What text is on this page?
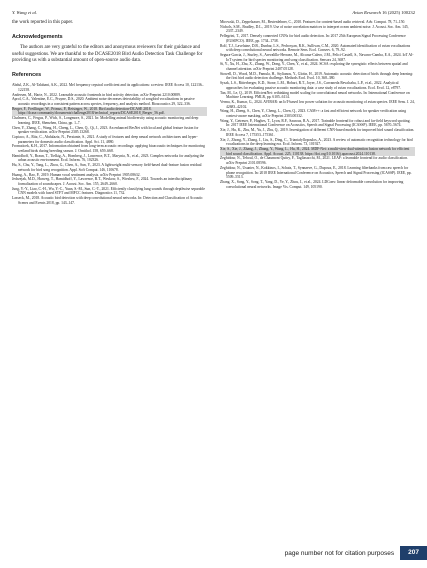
Y. Wang et al.	Avian Research 16 (2025) 100232

the work reported in this paper.

Acknowledgements

The authors are very grateful to the editors and anonymous reviewers for their guidance and useful suggestions. We are thankful to the DCASE2018 Bird Audio Detection Task Challenge for providing us with a substantial amount of open-source audio data.

References

Abdul, Z.K., Al-Talabani, A.K., 2022. Mel frequency cepstral coefficient and its applications: a review. IEEE Access 10, 122136–122158.
Andersen, M., Harte, N., 2022. Learnable acoustic frontends in bird activity detection. arXiv Preprint 2210.00889.
Aprol, C.A., Valentine, E.C., Pruyne, D.S., 2020. Ambient noise decreases detectability of songbird vocalizations in passive acoustic recordings in a consistent pattern across species, frequency, and analysis method. Bioacoustics 29, 322–336.
Berger, F., Freillinger, W., Primus, P., Reisinger, W., 2018. Bird audio detection-DCASE 2018. https://dcase.community/documents/challenge2018/technical_reports/DCASE2018_Berger_56.pdf.
Chalmers, C., Fergus, P., Wich, S., Longmore, S., 2021. In: Modelling animal biodiversity using acoustic monitoring and deep learning. IEEE, Shenzhen, China, pp. 1–7.
Chen, Y., Zhang, C., Wang, H., Cheng, L., Chen, Q., Qi, J., 2023. An enhanced ResNet with local and global feature fusion for speaker verification. arXiv Preprint 2305.13268.
Copiaco, A., Ritz, C., Abdulaziz, N., Persiante, S., 2021. A study of features and deep neural network architectures and hyper-parameters for domestic audio classification. Appl. Sci. 11, 4880.
Fromaticek, K.H., 2017. Information obtained from long-term acoustic recordings: applying bioacoustic techniques for monitoring wetland birds during breeding season. J. Ornithol. 158, 659–668.
Hamidhoff, Y., Braun, T., Tielkig, A., Homberg, J., Lawrence, B.T., Marynia, N., et al., 2023. Complex networks for analyzing the urban acoustic environment. Ecol. Inform. 76, 102326.
Hu, S., Chu, Y., Tang, L., Zhou, G., Chen, A., Sun, Y., 2023. A lightweight multi-sensory field-based dual-feature fusion residual network for bird song recognition. Appl. Soft Comput. 146, 110678.
Huang, A., Bao, P., 2019. Human vocal sentiment analysis. arXiv Preprint 1905.08632.
Jedrzejak, M.D., Harweg, T., Hamidhoff, Y., Lawrence, B.T., Weskow, S., Wiesheu, F., 2024. Towards an interdisciplinary formalization of soundscapes. J. Acoust. Soc. Am. 155, 2649–2660.
Jung, Y.-Y., Liao, C.-H., Wu, Y.-C., Yuan, S.-M., Sun, C.-T., 2021. Efficiently classifying lung sounds through depthwise separable CNN models with fused STFT and MFCC features. Diagnostics 11, 732.
Lasseck, M., 2018. Acoustic bird detection with deep convolutional neural networks. In: Detection and Classification of Acoustic Scenes and Events 2018, pp. 143–147.
Mirowski, D., Zeppelzauer, M., Bestenlehner, C., 2010. Features for content-based audio retrieval. Adv. Comput. 78, 71–150.
Nichols, S.M., Bradley, D.L., 2019. Use of noise correlation matrices to interpret ocean ambient noise. J. Acoust. Soc. Am. 145, 2337–2349.
Pellegrini, T., 2017. Densely connected CNNs for bird audio detection. In: 2017 25th European Signal Processing Conference (EUSIPCO). IEEE, pp. 1734–1738.
Rolf, T.J., Lavelaine, D.B., Dunbar, L.S., Pedrosyan, R.K., Sullivan, C.M., 2020. Automated identification of avian vocalizations with deep convolutional neural networks. Remote Sens. Ecol. Conserv. 6, 79–92.
Segura-Garcia, J., Sturley, S., Arevalillo-Herraez, M., Alcaraz-Calero, J.M., Felici-Castell, S., Navarro-Camba, E.A., 2024. IoT AI-IoT system for bird species monitoring and song classification. Sensors 24, 3687.
Si, Y., Xu, H., Zhu, X., Zhang, W., Dong, Y., Chen, Y., et al., 2024. SCSA: exploring the synergistic effects between spatial and channel attention. arXiv Preprint 2407.05128.
Stowell, D., Wood, M.D., Pamula, H., Stylianou, Y., Glotin, H., 2019. Automatic acoustic detection of birds through deep learning: the first bird audio detection challenge. Methods Ecol. Evol. 10, 368–380.
Sysak, L.S., Ritterberger, K.D., Stone, L.M., Hobart, R.T., Joyer, J.S., Carvaneda Revalcaba, L.P., et al., 2022. Analytical approaches for evaluating passive acoustic monitoring data: a case study of avian vocalizations. Ecol. Evol. 12, e8797.
Tan, M., Le, Q., 2019. EfficientNet: rethinking model scaling for convolutional neural networks. In: International Conference on Machine Learning. PMLR, pp. 6105–6114.
Verma, K., Kumar, G., 2024. AVIBAR: an IoT-based low power solution for acoustic monitoring of avian species. IEEE Sens. J. 24, 42683–42102.
Wang, H., Zheng, S., Chen, Y., Cheng, L., Chen, Q., 2023. CAM++: a fast and efficient network for speaker verification using context-aware masking. arXiv Preprint 2303.00332.
Wang, Y., Getreuer, P., Hughes, T., Lyon, R.F., Saurous, R.A., 2017. Trainable frontend for robust and far-field keyword spotting. In: 2017 IEEE International Conference on Acoustics, Speech and Signal Processing (ICASSP). IEEE, pp. 5670–5674.
Xie, J., Hu, K., Zhu, M., Yu, J., Zhu, Q., 2019. Investigation of different CNN-based models for improved bird sound classification. IEEE Access 7, 175353–175361.
Xie, J., Zhong, Y., Zhang, J., Liu, S., Ding, C., Triantafyllopoulos, A., 2023. A review of automatic recognition technology for bird vocalizations in the deep learning era. Ecol. Inform. 73, 101927.
Xie, S., Xie, J., Zhang, J., Zhang, Y., Wang, L., Hu, H., 2024. MDF-Net: a multi-view dual-attention fusion network for efficient bird sound classification. Appl. Acoust. 225, 110138. https://doi.org/10.1016/j.apacoust.2024.110138.
Zeghidour, N., Teboul, O., de Chaumont Quitry, F., Tagliasacchi, M., 2021. LEAF: a learnable frontend for audio classification. arXiv Preprint 2101.08596.
Zeghidour, N., Usunier, N., Kokkinos, I., Schatz, T., Synnaeve, G., Dupoux, E., 2018. Learning filterbanks from raw speech for phone recognition. In: 2018 IEEE International Conference on Acoustics, Speech and Signal Processing (ICASSP). IEEE, pp. 5509–5513.
Zhang, X., Song, Y., Song, T., Yang, D., Ye, Y., Zhou, J., et al., 2024. LDConv: linear deformable convolution for improving convolutional neural networks. Image Vis. Comput. 149, 105190.
page number not for citation purposes	207
